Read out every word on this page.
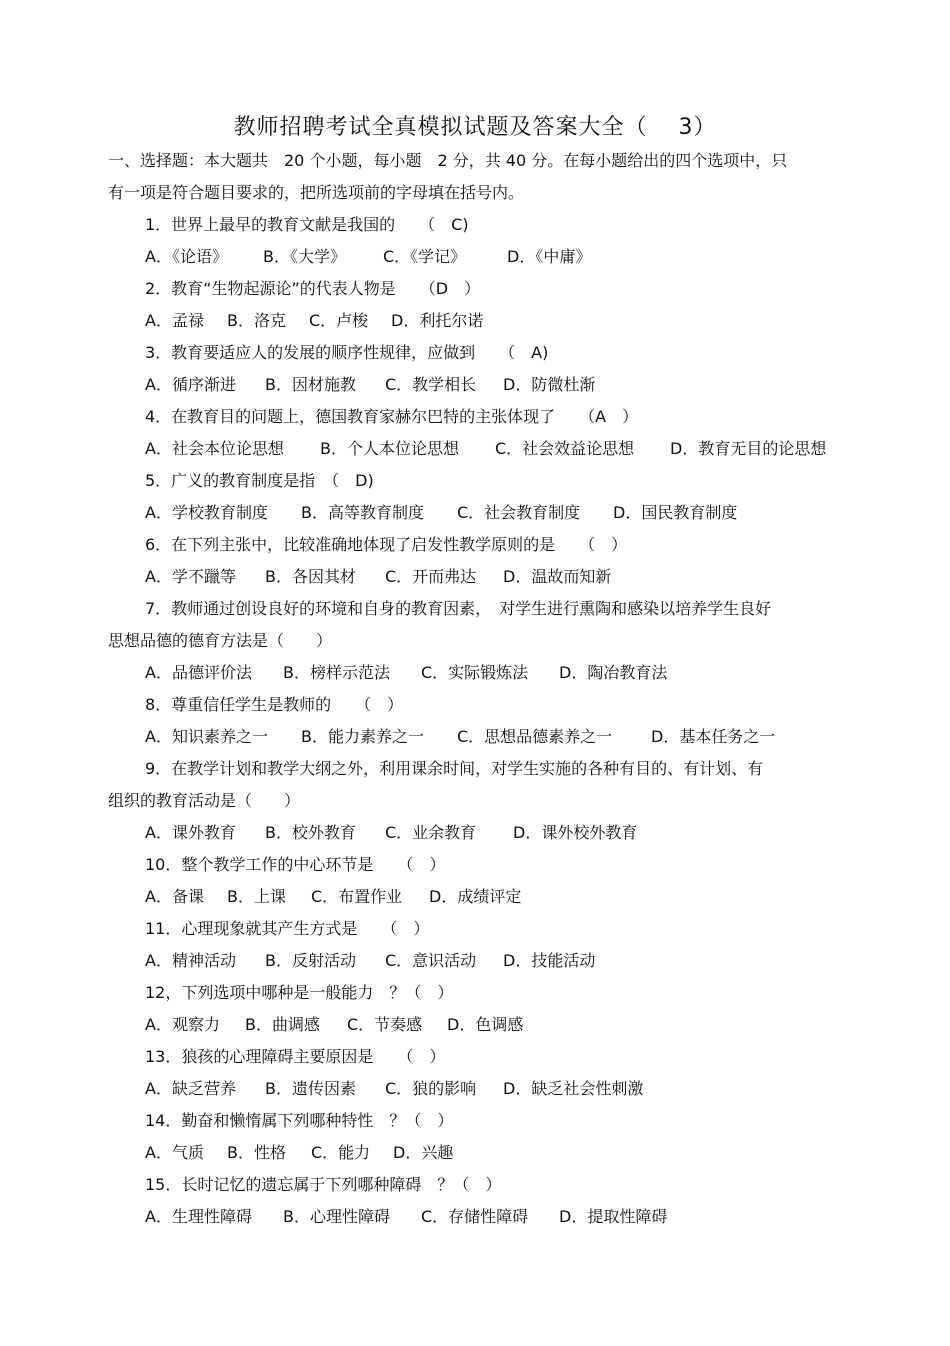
教师招聘考试全真模拟试题及答案大全（　 3）
一、选择题：本大题共　20 个小题，每小题　2 分，共 40 分。在每小题给出的四个选项中，只
有一项是符合题目要求的，把所选项前的字母填在括号内。
1．世界上最早的教育文献是我国的　　（　C)
A．《论语》 B．《大学》 C．《学记》	D．《中庸》
2．教育“生物起源论”的代表人物是　　（D　）
A．孟禄 B．洛克 C．卢梭 D．利托尔诺
3．教育要适应人的发展的顺序性规律，应做到　　（　A)
A．循序渐进 B．因材施教 C．教学相长 D．防微杜渐
4．在教育目的问题上，德国教育家赫尔巴特的主张体现了　　（A　）
A．社会本位论思想 B．个人本位论思想 C．社会效益论思想 D．教育无目的论思想
5．广义的教育制度是指　（　D)
A．学校教育制度 B．高等教育制度 C．社会教育制度 D．国民教育制度
6．在下列主张中，比较准确地体现了启发性教学原则的是　　（　）
A．学不躐等 B．各因其材 C．开而弗达 D．温故而知新
7．教师通过创设良好的环境和自身的教育因素，　对学生进行熏陶和感染以培养学生良好
思想品德的德育方法是（　　）
A．品德评价法 B．榜样示范法 C．实际锻炼法 D．陶冶教育法
8．尊重信任学生是教师的　　（　）
A．知识素养之一 B．能力素养之一 C．思想品德素养之一 D．基本任务之一
9．在教学计划和教学大纲之外，利用课余时间，对学生实施的各种有目的、有计划、有
组织的教育活动是（　　）
A．课外教育 B．校外教育 C．业余教育 D．课外校外教育
10．整个教学工作的中心环节是　　（　）
A．备课 B．上课 C．布置作业 D．成绩评定
11．心理现象就其产生方式是　　（　）
A．精神活动 B．反射活动 C．意识活动 D．技能活动
12，下列选项中哪种是一般能力　？（　）
A．观察力 B．曲调感 C．节奏感 D．色调感
13．狼孩的心理障碍主要原因是　　（　）
A．缺乏营养 B．遗传因素 C．狼的影响 D．缺乏社会性刺激
14．勤奋和懒惰属下列哪种特性　？（　）
A．气质 B．性格 C．能力 D．兴趣
15．长时记忆的遗忘属于下列哪种障碍　？（　）
A．生理性障碍 B．心理性障碍 C．存储性障碍 D．提取性障碍
